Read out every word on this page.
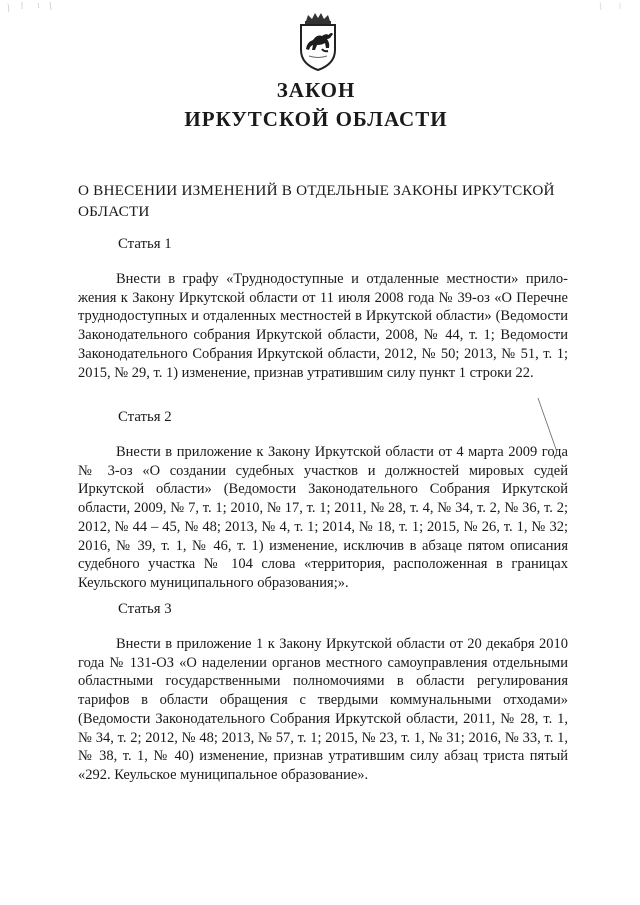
ЗАКОН
ИРКУТСКОЙ ОБЛАСТИ
О ВНЕСЕНИИ ИЗМЕНЕНИЙ В ОТДЕЛЬНЫЕ ЗАКОНЫ ИРКУТСКОЙ ОБЛАСТИ
Статья 1
Внести в графу «Труднодоступные и отдаленные местности» приложения к Закону Иркутской области от 11 июля 2008 года № 39-оз «О Перечне труднодоступных и отдаленных местностей в Иркутской области» (Ведомости Законодательного собрания Иркутской области, 2008, № 44, т. 1; Ведомости Законодательного Собрания Иркутской области, 2012, № 50; 2013, № 51, т. 1; 2015, № 29, т. 1) изменение, признав утратившим силу пункт 1 строки 22.
Статья 2
Внести в приложение к Закону Иркутской области от 4 марта 2009 года № 3-оз «О создании судебных участков и должностей мировых судей Иркутской области» (Ведомости Законодательного Собрания Иркутской области, 2009, № 7, т. 1; 2010, № 17, т. 1; 2011, № 28, т. 4, № 34, т. 2, № 36, т. 2; 2012, № 44 – 45, № 48; 2013, № 4, т. 1; 2014, № 18, т. 1; 2015, № 26, т. 1, № 32; 2016, № 39, т. 1, № 46, т. 1) изменение, исключив в абзаце пятом описания судебного участка № 104 слова «территория, расположенная в границах Кеульского муниципального образования;».
Статья 3
Внести в приложение 1 к Закону Иркутской области от 20 декабря 2010 года № 131-ОЗ «О наделении органов местного самоуправления отдельными областными государственными полномочиями в области регулирования тарифов в области обращения с твердыми коммунальными отходами» (Ведомости Законодательного Собрания Иркутской области, 2011, № 28, т. 1, № 34, т. 2; 2012, № 48; 2013, № 57, т. 1; 2015, № 23, т. 1, № 31; 2016, № 33, т. 1, № 38, т. 1, № 40) изменение, признав утратившим силу абзац триста пятый «292. Кеульское муниципальное образование».
